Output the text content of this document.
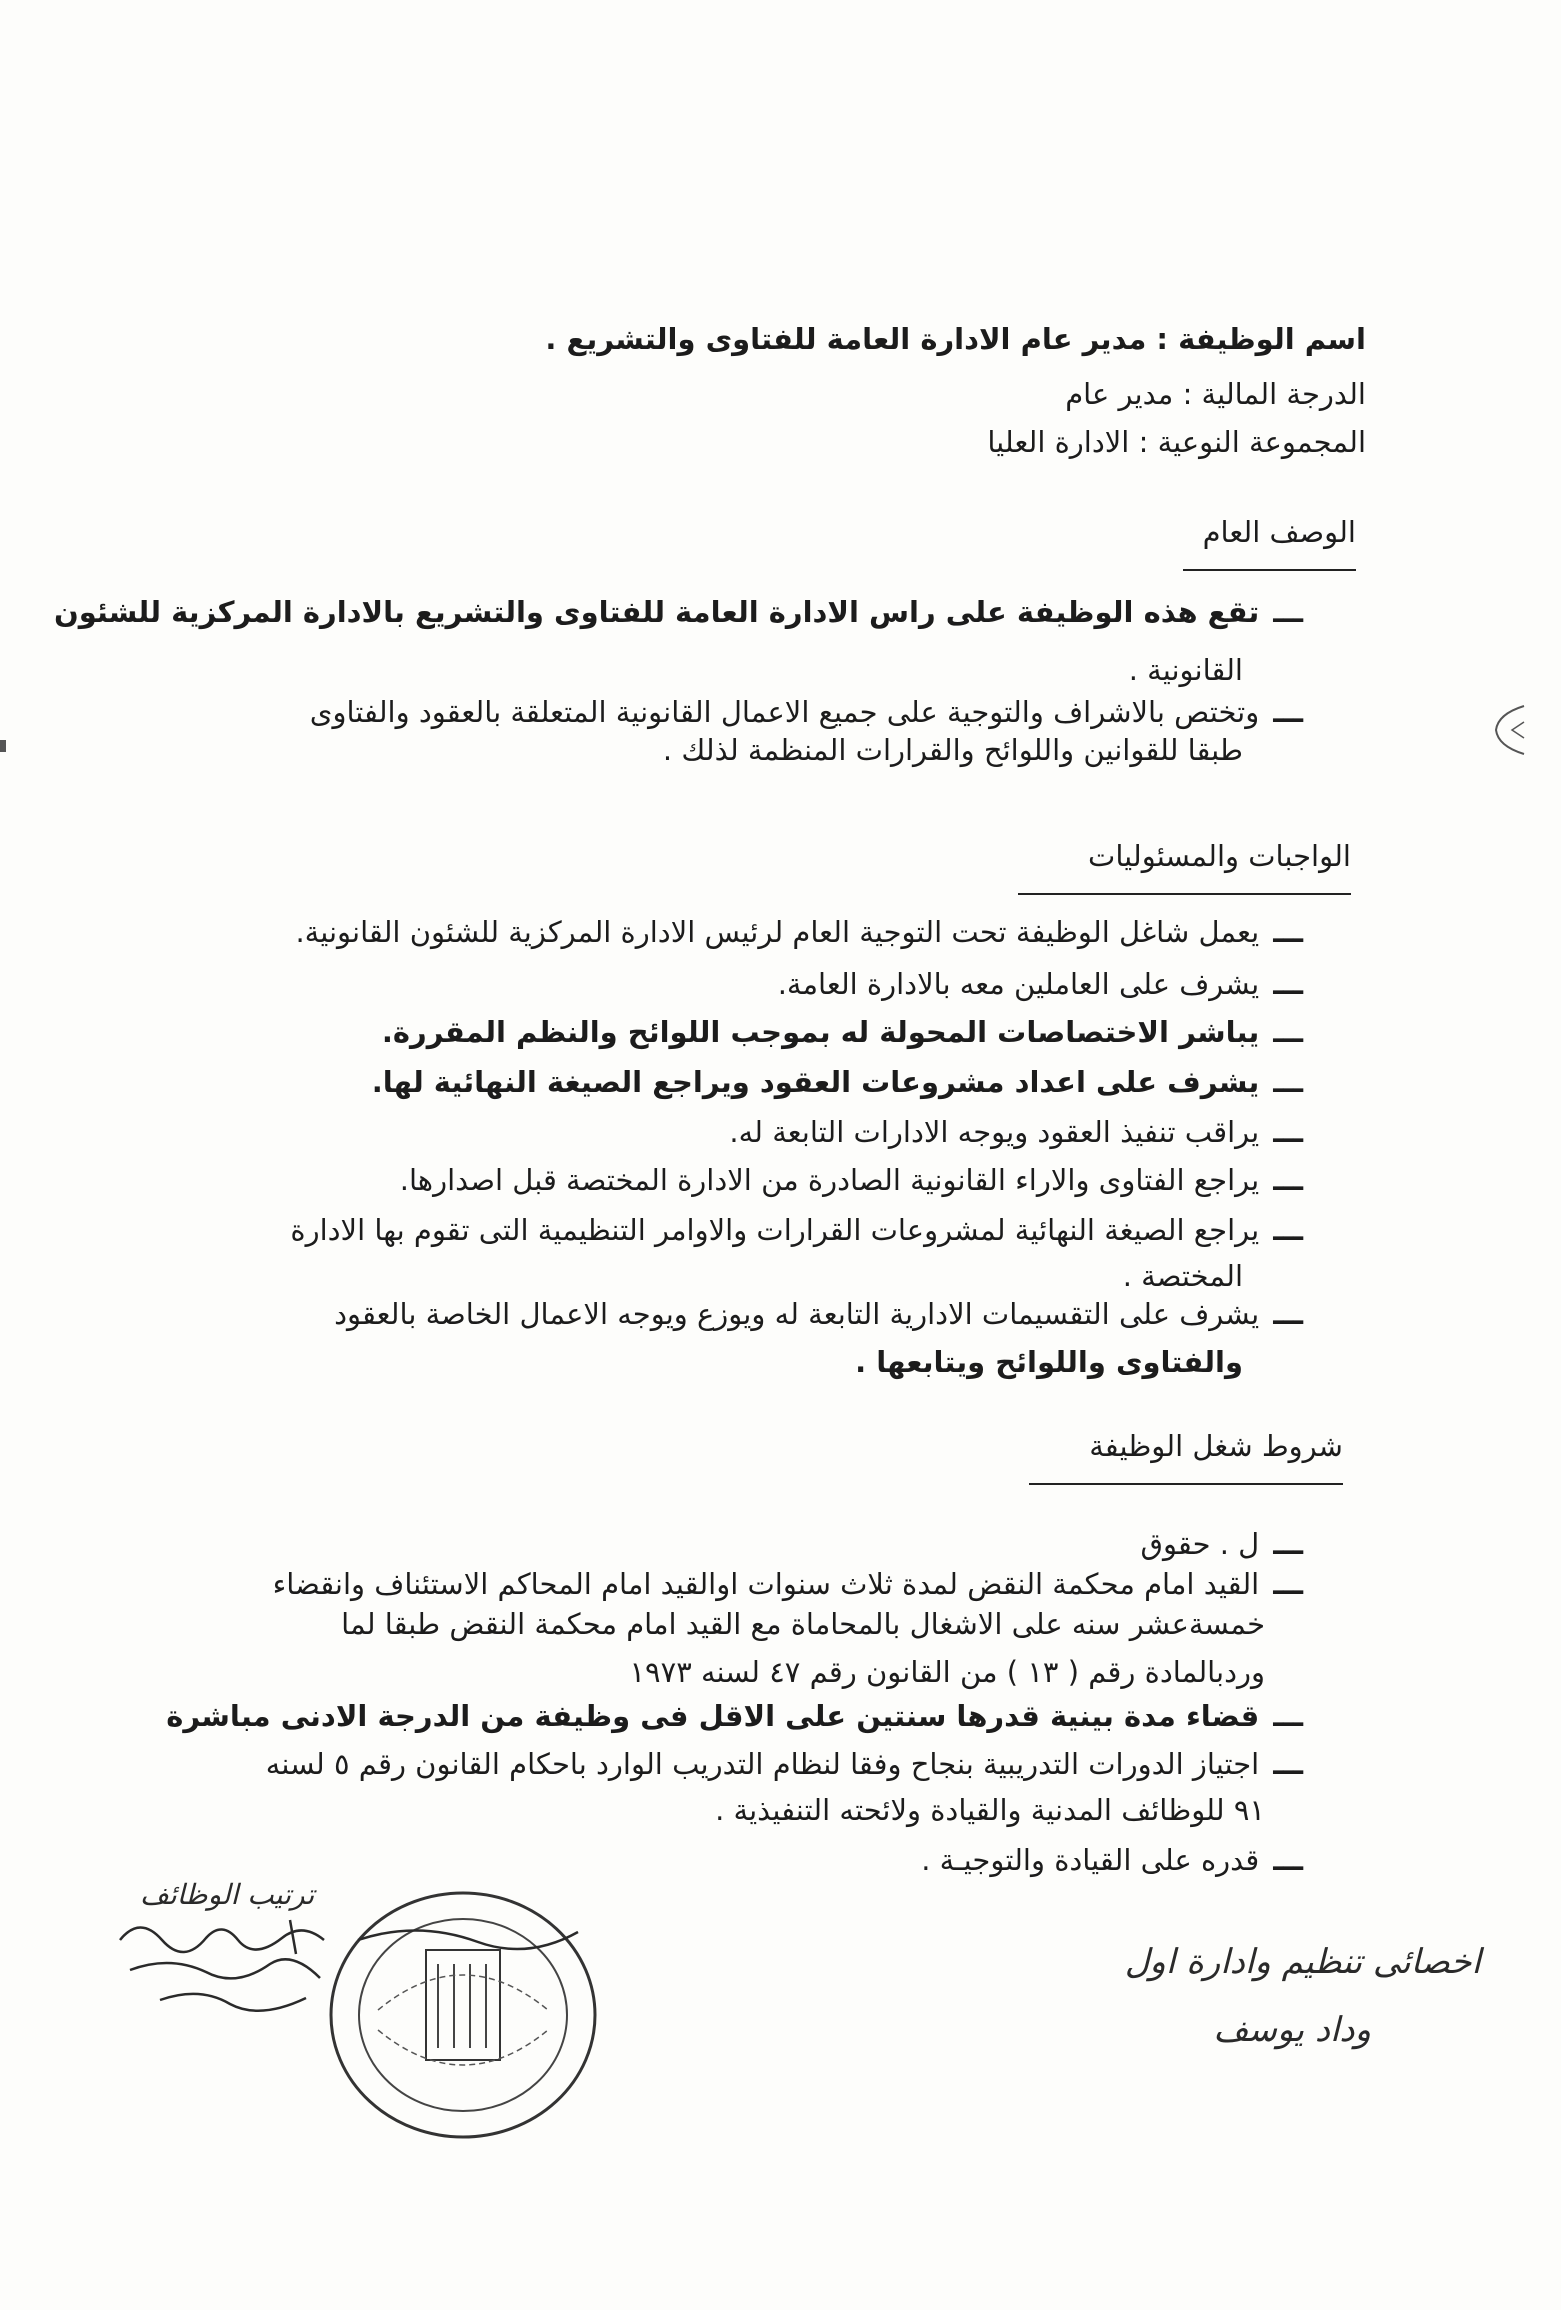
اسم الوظيفة : مدير عام الادارة العامة للفتاوى والتشريع .
الدرجة المالية : مدير عام
المجموعة النوعية : الادارة العليا
الوصف العام
ـــتقع هذه الوظيفة على راس الادارة العامة للفتاوى والتشريع بالادارة المركزية للشئون
القانونية .
ـــوتختص بالاشراف والتوجية على جميع الاعمال القانونية المتعلقة بالعقود والفتاوى
طبقا للقوانين واللوائح والقرارات المنظمة لذلك .
الواجبات والمسئوليات
ـــيعمل شاغل الوظيفة تحت التوجية العام لرئيس الادارة المركزية للشئون القانونية.
ـــيشرف على العاملين معه بالادارة العامة.
ـــيباشر الاختصاصات المحولة له بموجب اللوائح والنظم المقررة.
ـــيشرف على اعداد مشروعات العقود ويراجع الصيغة النهائية لها.
ـــيراقب تنفيذ العقود ويوجه الادارات التابعة له.
ـــيراجع الفتاوى والاراء القانونية الصادرة من الادارة المختصة قبل اصدارها.
ـــيراجع الصيغة النهائية لمشروعات القرارات والاوامر التنظيمية التى تقوم بها الادارة
المختصة .
ـــيشرف على التقسيمات الادارية التابعة له ويوزع ويوجه الاعمال الخاصة بالعقود
والفتاوى واللوائح ويتابعها .
شروط شغل الوظيفة
ـــل . حقوق
ـــالقيد امام محكمة النقض لمدة ثلاث سنوات اوالقيد امام المحاكم الاستئناف وانقضاء
خمسةعشر سنه على الاشغال بالمحاماة مع القيد امام محكمة النقض طبقا لما
وردبالمادة رقم ( ١٣ ) من القانون رقم ٤٧ لسنه ١٩٧٣
ـــقضاء مدة بينية قدرها سنتين على الاقل فى وظيفة من الدرجة الادنى مباشرة
ـــاجتياز الدورات التدريبية بنجاح وفقا لنظام التدريب الوارد باحكام القانون رقم ٥ لسنه
٩١ للوظائف المدنية والقيادة ولائحته التنفيذية .
ـــقدره على القيادة والتوجيـة .
ترتيب الوظائف
اخصائى تنظيم وادارة اول
وداد يوسف
